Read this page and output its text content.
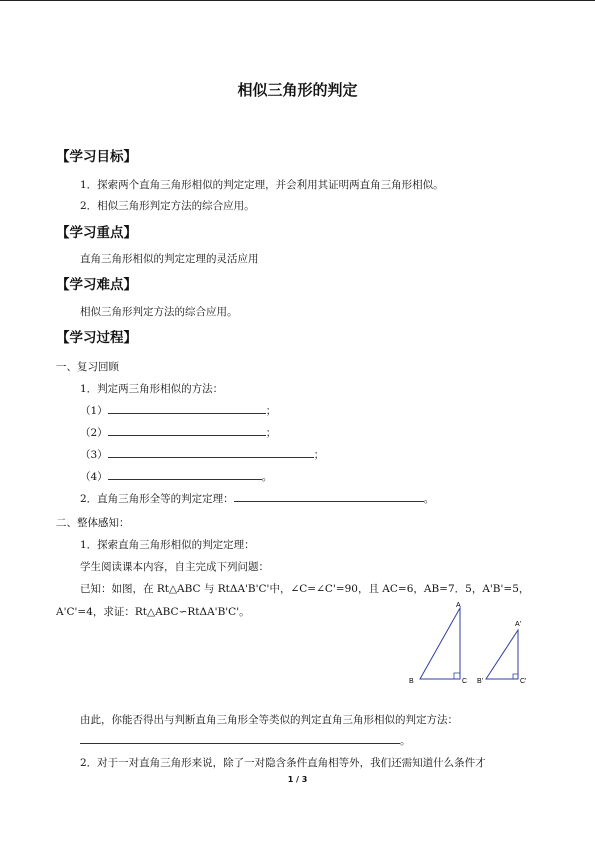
相似三角形的判定
【学习目标】
1．探索两个直角三角形相似的判定定理，并会利用其证明两直角三角形相似。
2．相似三角形判定方法的综合应用。
【学习重点】
直角三角形相似的判定定理的灵活应用
【学习难点】
相似三角形判定方法的综合应用。
【学习过程】
一、复习回顾
1．判定两三角形相似的方法：
（1）	；
（2）	；
（3）	；
（4）	。
2．直角三角形全等的判定定理：	。
二、整体感知：
1．探索直角三角形相似的判定定理：
学生阅读课本内容，自主完成下列问题：
已知：如图，在 Rt△ABC 与 RtΔA'B'C'中，∠C=∠C'=90，且 AC=6，AB=7．5，A'B'=5，
A'C'=4，求证：Rt△ABC∽RtΔA'B'C'。
A
B	C
A'
B'	C'
由此，你能否得出与判断直角三角形全等类似的判定直角三角形相似的判定方法：
。
2．对于一对直角三角形来说，除了一对隐含条件直角相等外，我们还需知道什么条件才
1 / 3
